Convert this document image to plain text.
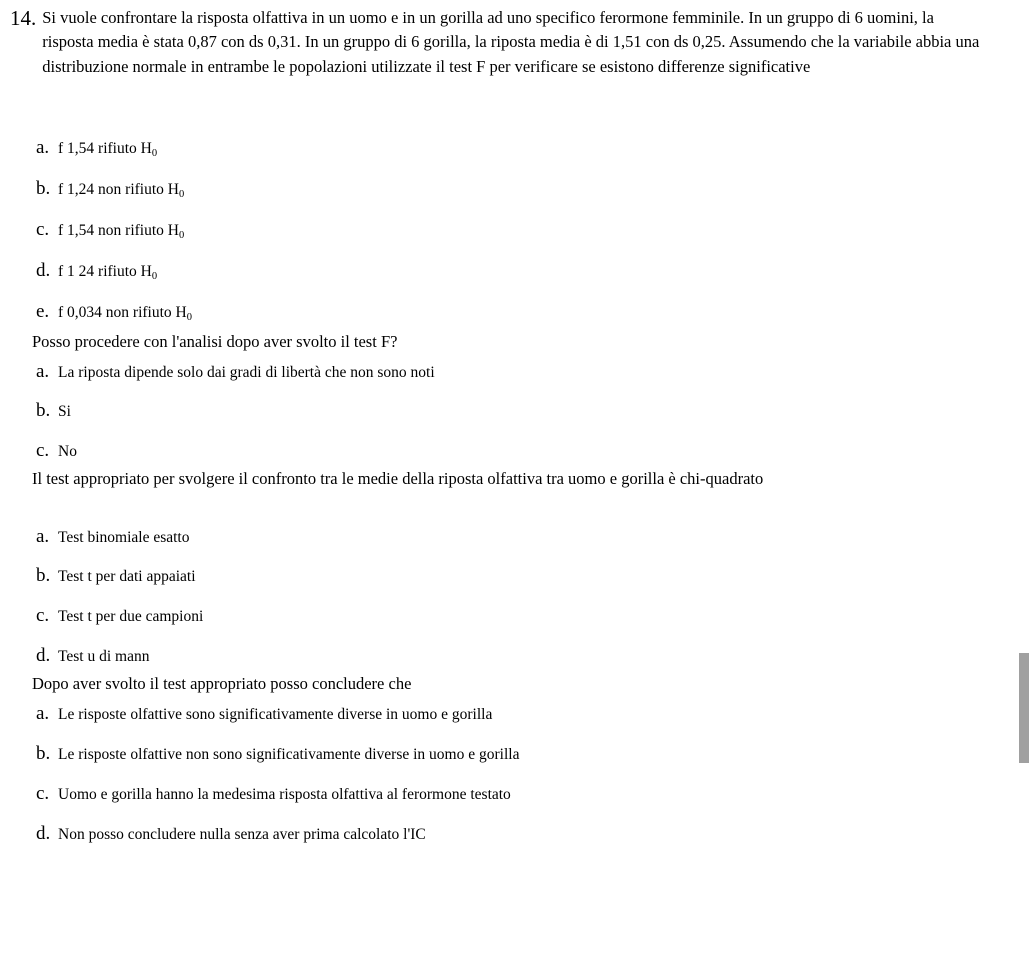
14. Si vuole confrontare la risposta olfattiva in un uomo e in un gorilla ad uno specifico ferormone femminile. In un gruppo di 6 uomini, la risposta media è stata 0,87 con ds 0,31. In un gruppo di 6 gorilla, la riposta media è di 1,51 con ds 0,25. Assumendo che la variabile abbia una distribuzione normale in entrambe le popolazioni utilizzate il test F per verificare se esistono differenze significative
a. f 1,54 rifiuto $H_0$
b. f 1,24 non rifiuto $H_0$
c. f 1,54 non rifiuto $H_0$
d. f 1 24 rifiuto $H_0$
e. f 0,034 non rifiuto $H_0$
Posso procedere con l'analisi dopo aver svolto il test F?
a. La riposta dipende solo dai gradi di libertà che non sono noti
b. Si
c. No
Il test appropriato per svolgere il confronto tra le medie della riposta olfattiva tra uomo e gorilla è chi-quadrato
a. Test binomiale esatto
b. Test t per dati appaiati
c. Test t per due campioni
d. Test u di mann
Dopo aver svolto il test appropriato posso concludere che
a. Le risposte olfattive sono significativamente diverse in uomo e gorilla
b. Le risposte olfattive non sono significativamente diverse in uomo e gorilla
c. Uomo e gorilla hanno la medesima risposta olfattiva al ferormone testato
d. Non posso concludere nulla senza aver prima calcolato l'IC
